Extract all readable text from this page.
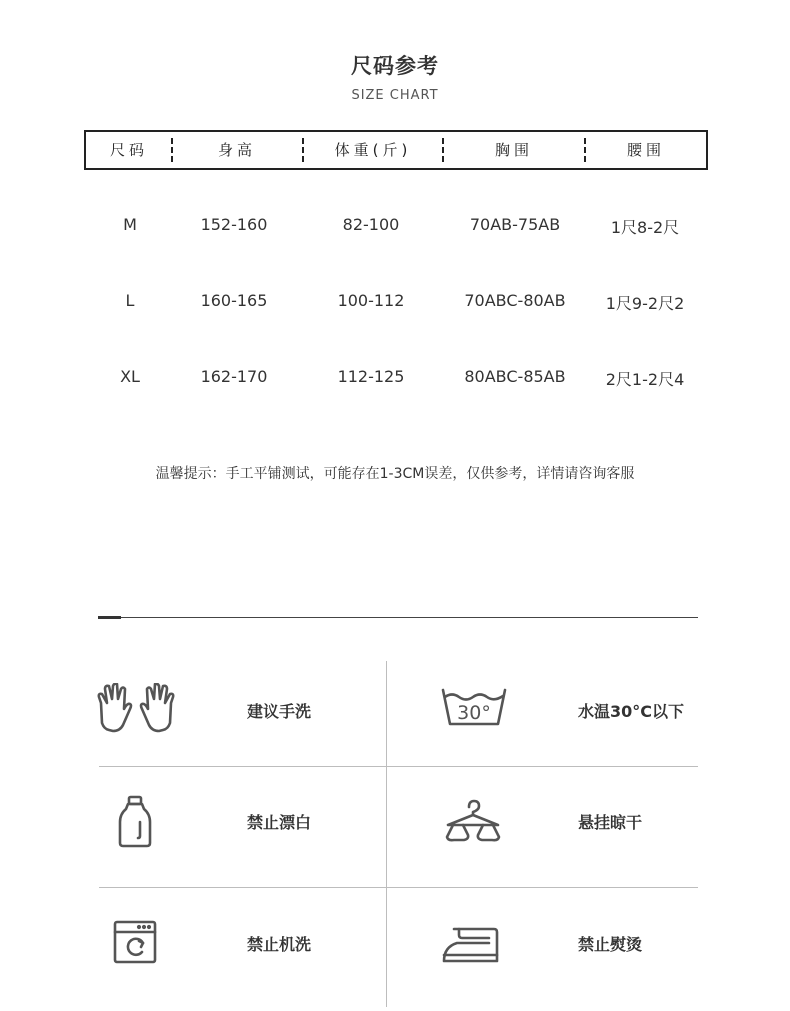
尺码参考
SIZE CHART
尺码	身高	体重(斤)	胸围	腰围
M	152-160	82-100	70AB-75AB	1尺8-2尺
L	160-165	100-112	70ABC-80AB	1尺9-2尺2
XL	162-170	112-125	80ABC-85AB	2尺1-2尺4
温馨提示：手工平铺测试，可能存在1-3CM误差，仅供参考，详情请咨询客服
建议手洗	30°	水温30°C以下
禁止漂白	悬挂晾干
禁止机洗	禁止熨烫
